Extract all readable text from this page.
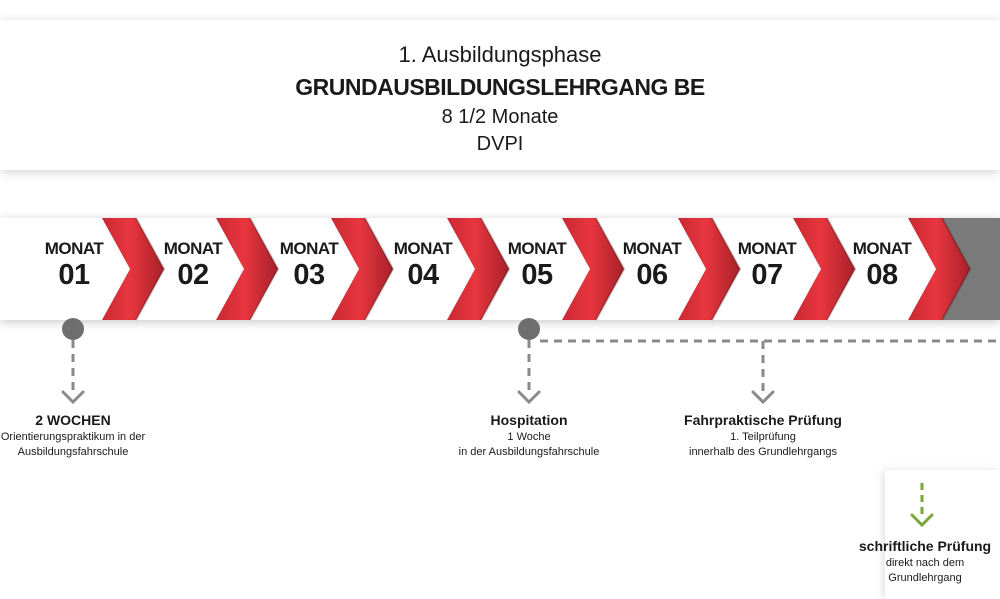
1. Ausbildungsphase
GRUNDAUSBILDUNGSLEHRGANG BE
8 1/2 Monate
DVPI
MONAT
01
MONAT
02
MONAT
03
MONAT
04
MONAT
05
MONAT
06
MONAT
07
MONAT
08
2 WOCHEN
Orientierungspraktikum in der
Ausbildungsfahrschule
Hospitation
1 Woche
in der Ausbildungsfahrschule
Fahrpraktische Prüfung
1. Teilprüfung
innerhalb des Grundlehrgangs
schriftliche Prüfung
direkt nach dem
Grundlehrgang
